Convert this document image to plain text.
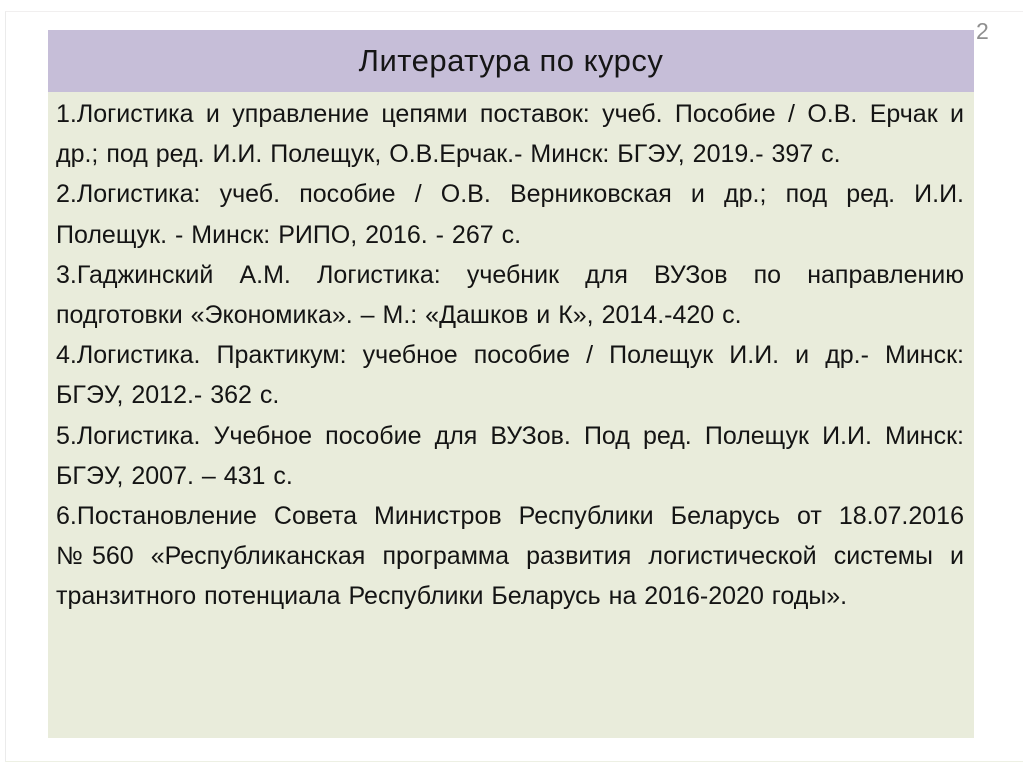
2
Литература по курсу

1.Логистика и управление цепями поставок: учеб. Пособие / О.В. Ерчак и др.; под ред. И.И. Полещук, О.В.Ерчак.- Минск: БГЭУ, 2019.- 397 с.

2.Логистика: учеб. пособие / О.В. Верниковская и др.; под ред. И.И. Полещук. - Минск: РИПО, 2016. - 267 с.

3.Гаджинский А.М. Логистика: учебник для ВУЗов по направлению подготовки «Экономика». – М.: «Дашков и К», 2014.-420 с.

4.Логистика. Практикум: учебное пособие / Полещук И.И. и др.- Минск: БГЭУ, 2012.- 362 с.

5.Логистика. Учебное пособие для ВУЗов. Под ред. Полещук И.И. Минск: БГЭУ, 2007. – 431 с.

6.Постановление Совета Министров Республики Беларусь от 18.07.2016 №560 «Республиканская программа развития логистической системы и транзитного потенциала Республики Беларусь на 2016-2020 годы».
